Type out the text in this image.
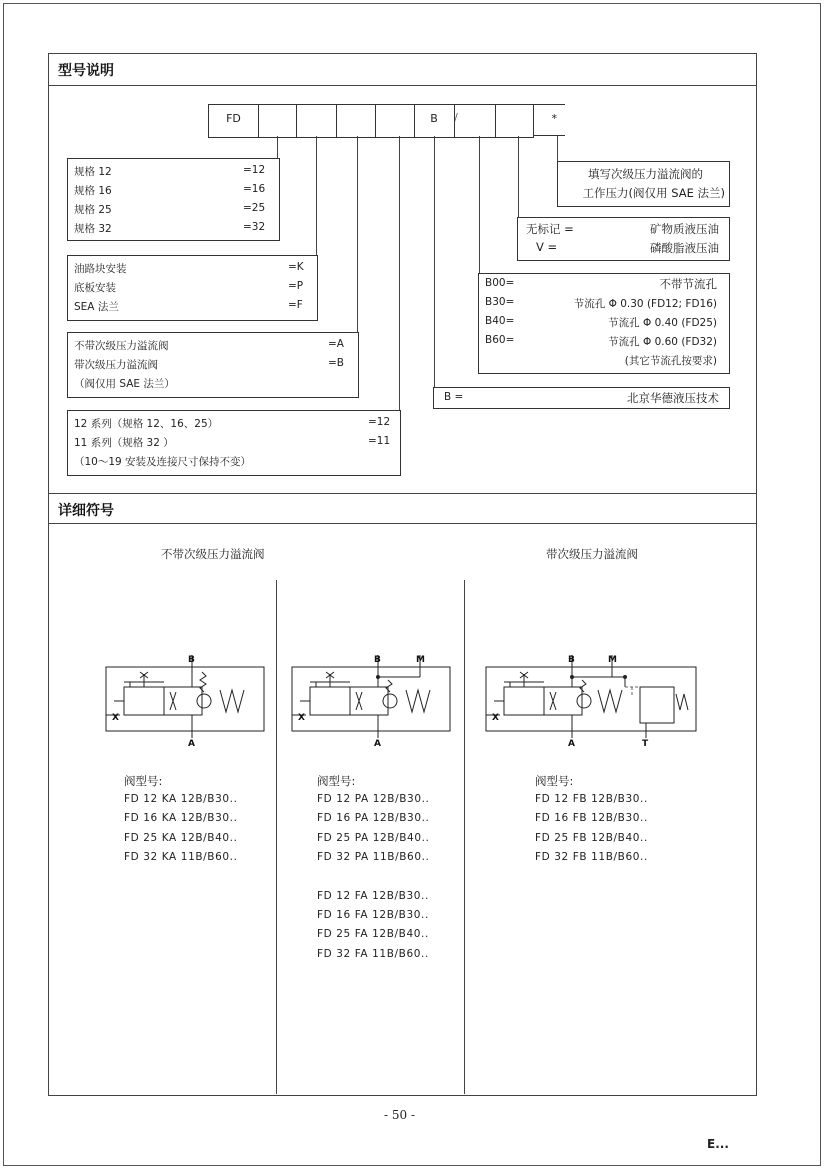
型号说明
FD	B	/	*
规格 12	=12
规格 16	=16
规格 25	=25
规格 32	=32
油路块安装	=K
底板安装	=P
SEA 法兰	=F
不带次级压力溢流阀	=A
带次级压力溢流阀	=B
（阀仅用 SAE 法兰）
12 系列（规格 12、16、25）	=12
11 系列（规格 32 ）	=11
（10～19 安装及连接尺寸保持不变）
填写次级压力溢流阀的
工作压力(阀仅用 SAE 法兰)
无标记 =	矿物质液压油
V =	磷酸脂液压油
B00=	不带节流孔
B30=	节流孔 Φ 0.30 (FD12; FD16)
B40=	节流孔 Φ 0.40 (FD25)
B60=	节流孔 Φ 0.60 (FD32)
(其它节流孔按要求)
B =	北京华德液压技术
详细符号
不带次级压力溢流阀	带次级压力溢流阀
B
A
X
B	M
A
X
B	M
A	T
X
阀型号:
FD 12 KA 12B/B30..
FD 16 KA 12B/B30..
FD 25 KA 12B/B40..
FD 32 KA 11B/B60..
阀型号:
FD 12 PA 12B/B30..
FD 16 PA 12B/B30..
FD 25 PA 12B/B40..
FD 32 PA 11B/B60..
FD 12 FA 12B/B30..
FD 16 FA 12B/B30..
FD 25 FA 12B/B40..
FD 32 FA 11B/B60..
阀型号:
FD 12 FB 12B/B30..
FD 16 FB 12B/B30..
FD 25 FB 12B/B40..
FD 32 FB 11B/B60..
- 50 -
E...
